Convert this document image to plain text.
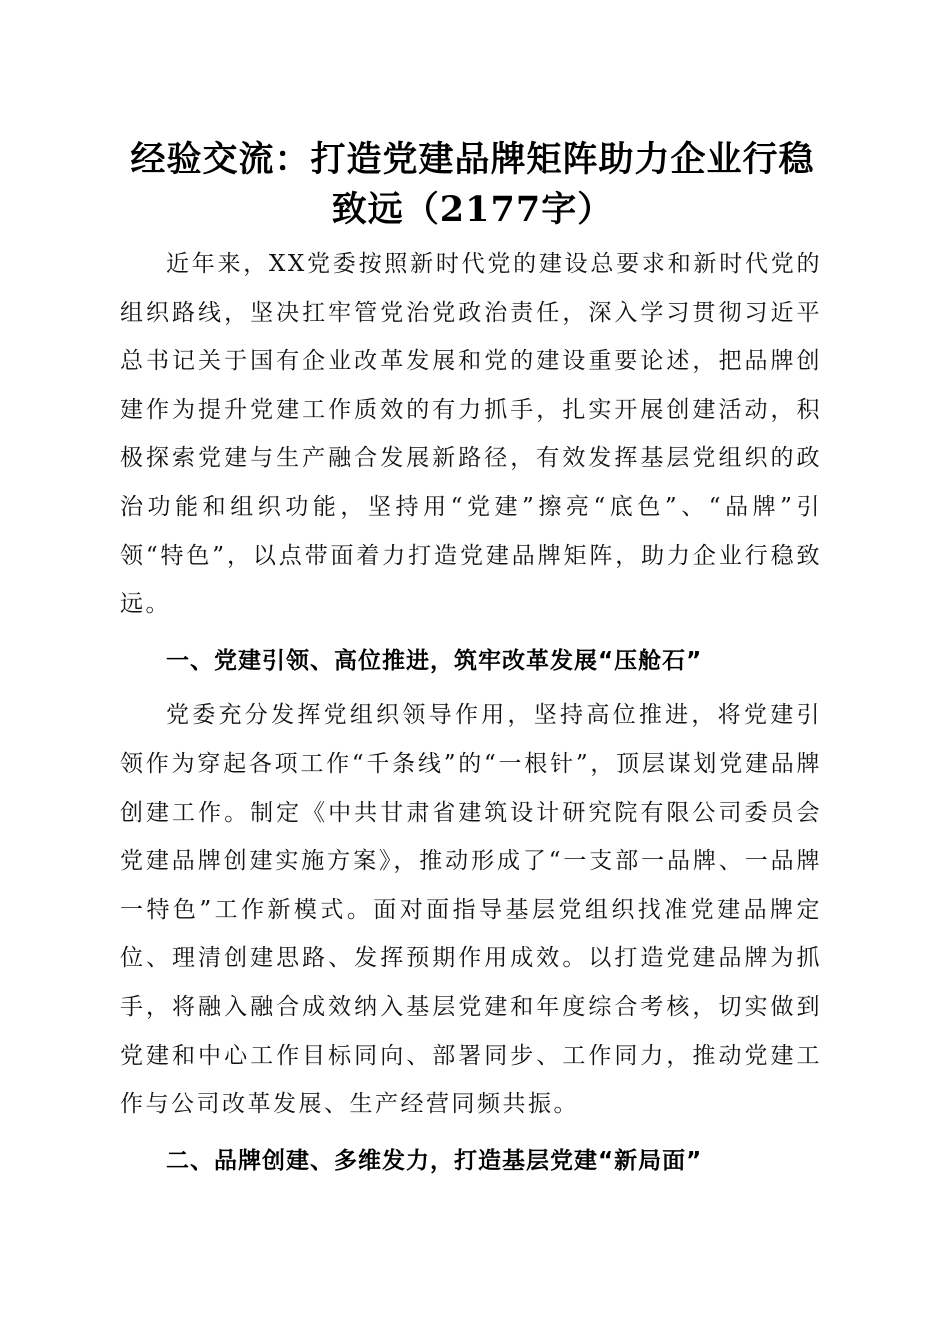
经验交流：打造党建品牌矩阵助力企业行稳致远（2177字）

近年来，XX党委按照新时代党的建设总要求和新时代党的组织路线，坚决扛牢管党治党政治责任，深入学习贯彻习近平总书记关于国有企业改革发展和党的建设重要论述，把品牌创建作为提升党建工作质效的有力抓手，扎实开展创建活动，积极探索党建与生产融合发展新路径，有效发挥基层党组织的政治功能和组织功能，坚持用“党建”擦亮“底色”、“品牌”引领“特色”，以点带面着力打造党建品牌矩阵，助力企业行稳致远。

一、党建引领、高位推进，筑牢改革发展“压舱石”

党委充分发挥党组织领导作用，坚持高位推进，将党建引领作为穿起各项工作“千条线”的“一根针”，顶层谋划党建品牌创建工作。制定《中共甘肃省建筑设计研究院有限公司委员会党建品牌创建实施方案》，推动形成了“一支部一品牌、一品牌一特色”工作新模式。面对面指导基层党组织找准党建品牌定位、理清创建思路、发挥预期作用成效。以打造党建品牌为抓手，将融入融合成效纳入基层党建和年度综合考核，切实做到党建和中心工作目标同向、部署同步、工作同力，推动党建工作与公司改革发展、生产经营同频共振。

二、品牌创建、多维发力，打造基层党建“新局面”
